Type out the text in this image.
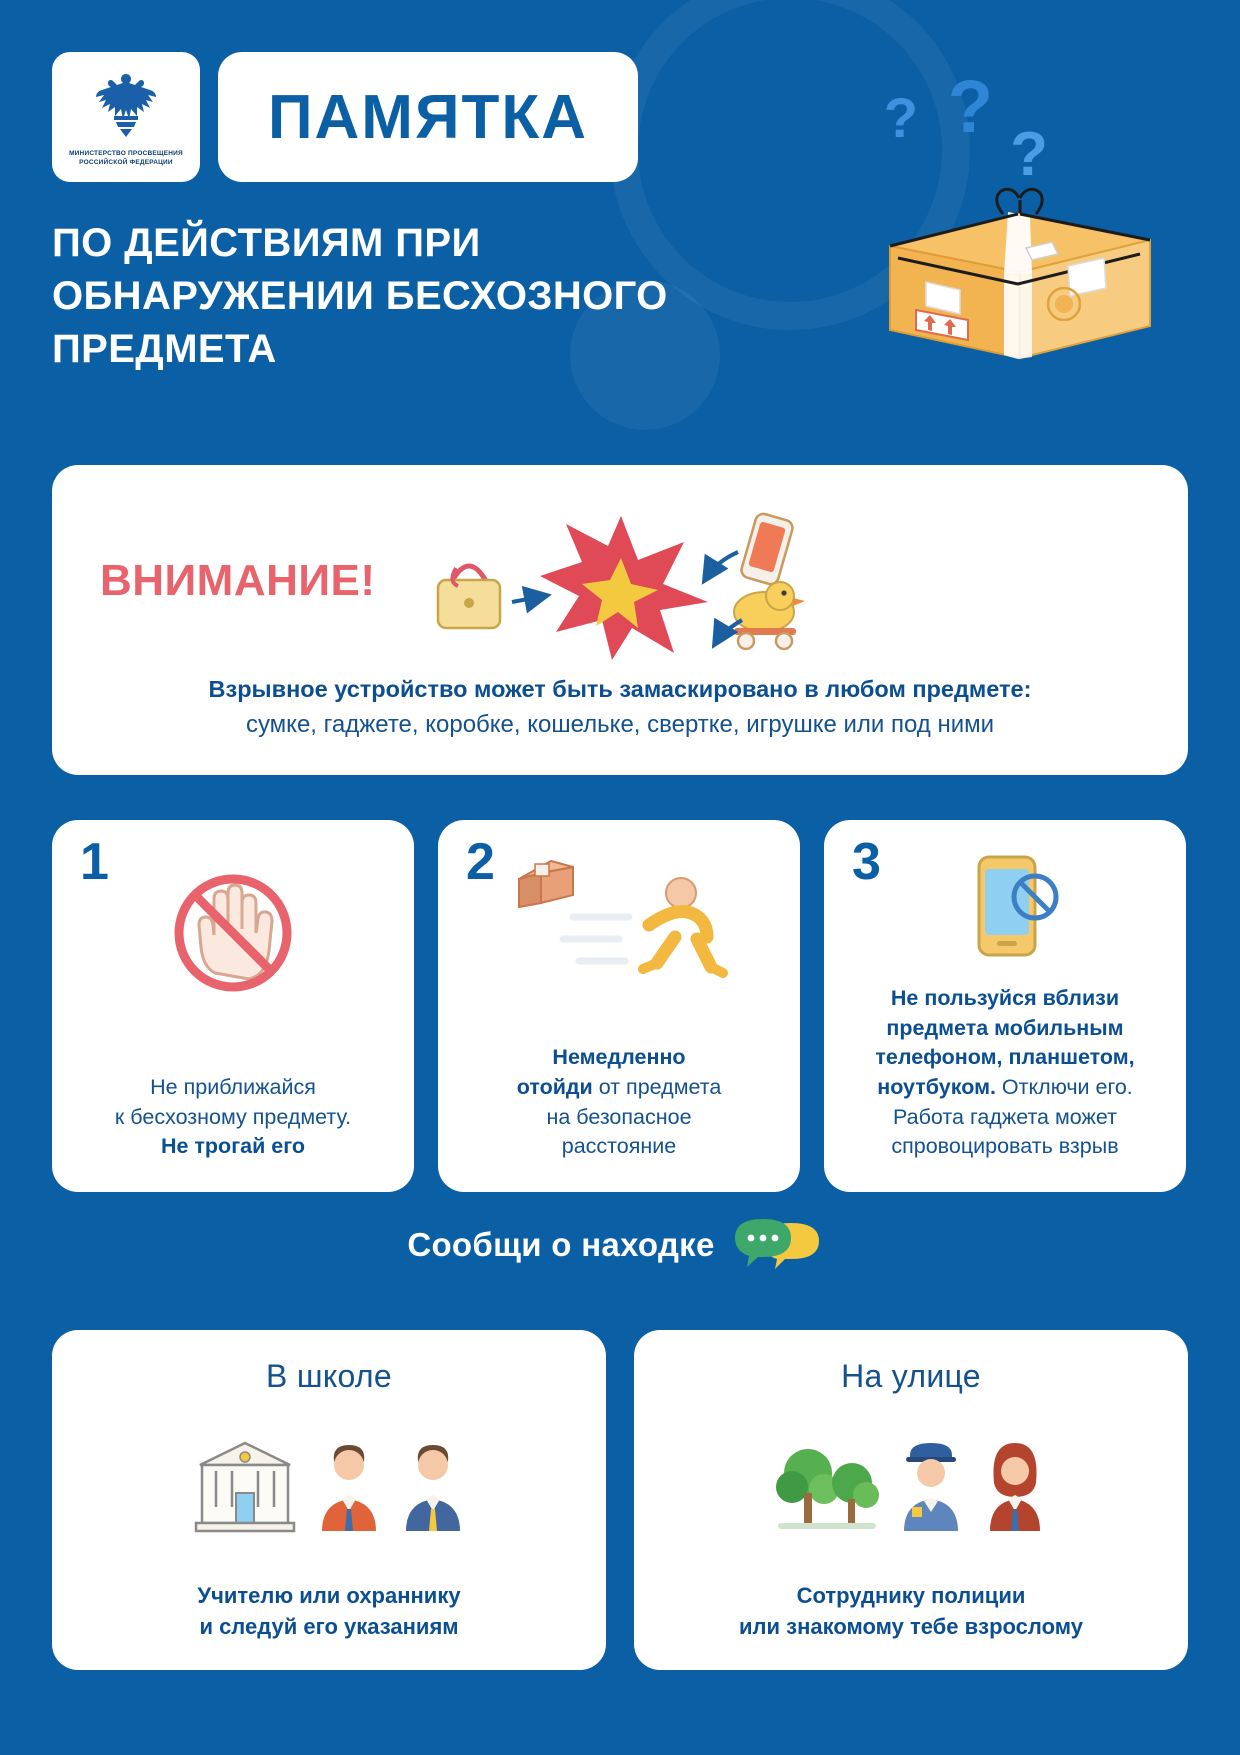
МИНИСТЕРСТВО ПРОСВЕЩЕНИЯ РОССИЙСКОЙ ФЕДЕРАЦИИ
ПАМЯТКА
ПО ДЕЙСТВИЯМ ПРИ ОБНАРУЖЕНИИ БЕСХОЗНОГО ПРЕДМЕТА
? ?
?
ВНИМАНИЕ!
Взрывное устройство может быть замаскировано в любом предмете:
сумке, гаджете, коробке, кошельке, свертке, игрушке или под ними
1
Не приближайся
к бесхозному предмету.
Не трогай его
2
Немедленно
отойди от предмета
на безопасное
расстояние
3
Не пользуйся вблизи
предмета мобильным
телефоном, планшетом,
ноутбуком. Отключи его.
Работа гаджета может
спровоцировать взрыв
Сообщи о находке
В школе
Учителю или охраннику
и следуй его указаниям
На улице
Сотруднику полиции
или знакомому тебе взрослому
